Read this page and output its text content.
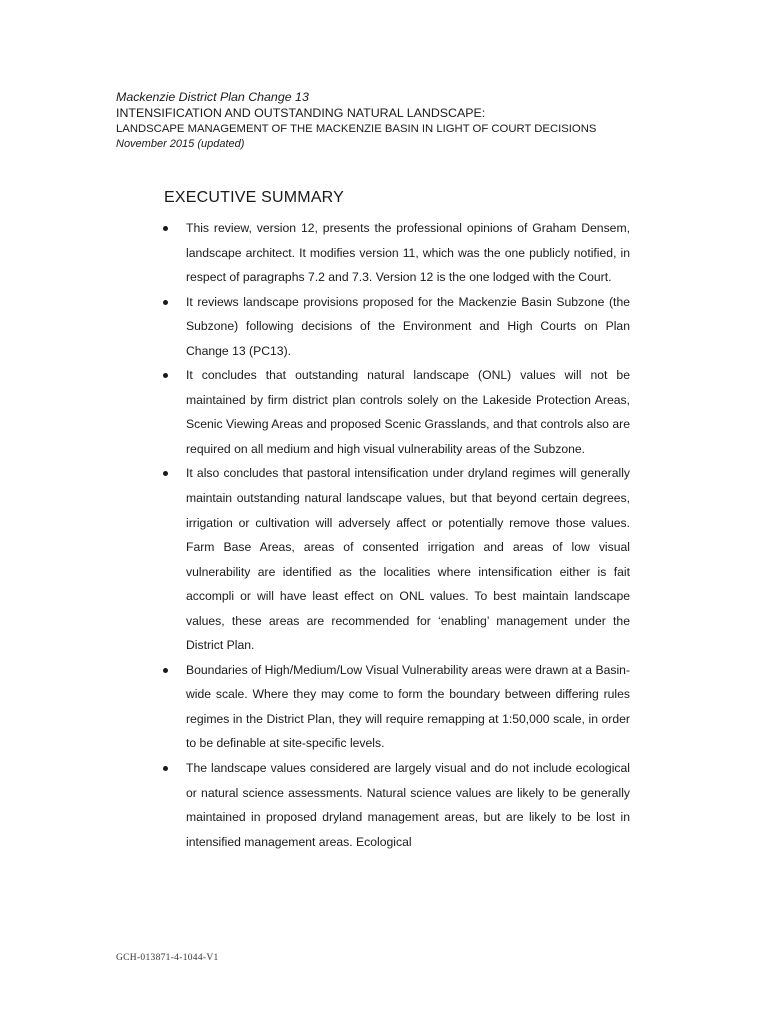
Mackenzie District Plan Change 13
INTENSIFICATION AND OUTSTANDING NATURAL LANDSCAPE:
LANDSCAPE MANAGEMENT OF THE MACKENZIE BASIN IN LIGHT OF COURT DECISIONS
November 2015 (updated)
EXECUTIVE SUMMARY
This review, version 12, presents the professional opinions of Graham Densem, landscape architect. It modifies version 11, which was the one publicly notified, in respect of paragraphs 7.2 and 7.3. Version 12 is the one lodged with the Court.
It reviews landscape provisions proposed for the Mackenzie Basin Subzone (the Subzone) following decisions of the Environment and High Courts on Plan Change 13 (PC13).
It concludes that outstanding natural landscape (ONL) values will not be maintained by firm district plan controls solely on the Lakeside Protection Areas, Scenic Viewing Areas and proposed Scenic Grasslands, and that controls also are required on all medium and high visual vulnerability areas of the Subzone.
It also concludes that pastoral intensification under dryland regimes will generally maintain outstanding natural landscape values, but that beyond certain degrees, irrigation or cultivation will adversely affect or potentially remove those values. Farm Base Areas, areas of consented irrigation and areas of low visual vulnerability are identified as the localities where intensification either is fait accompli or will have least effect on ONL values. To best maintain landscape values, these areas are recommended for ‘enabling’ management under the District Plan.
Boundaries of High/Medium/Low Visual Vulnerability areas were drawn at a Basin-wide scale. Where they may come to form the boundary between differing rules regimes in the District Plan, they will require remapping at 1:50,000 scale, in order to be definable at site-specific levels.
The landscape values considered are largely visual and do not include ecological or natural science assessments. Natural science values are likely to be generally maintained in proposed dryland management areas, but are likely to be lost in intensified management areas. Ecological
GCH-013871-4-1044-V1
